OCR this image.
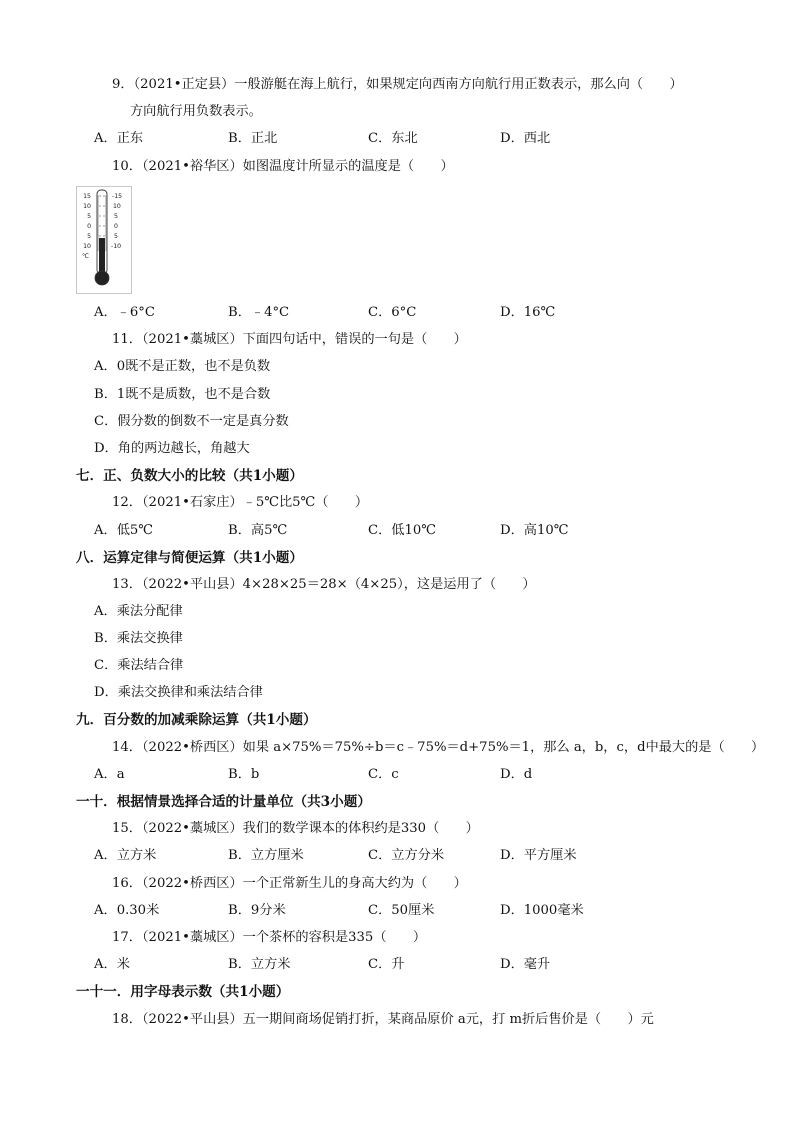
9．（2021•正定县）一般游艇在海上航行，如果规定向西南方向航行用正数表示，那么向（　　）
方向航行用负数表示。
A．正东	B．正北	C．东北	D．西北
10．（2021•裕华区）如图温度计所显示的温度是（　　）
15
10
5
0
5
10
℃
-15
10
5
0
5
-10
A．﹣6°C	B．﹣4°C	C．6°C	D．16℃
11．（2021•藁城区）下面四句话中，错误的一句是（　　）
A．0既不是正数，也不是负数
B．1既不是质数，也不是合数
C．假分数的倒数不一定是真分数
D．角的两边越长，角越大
七．正、负数大小的比较（共1小题）
12．（2021•石家庄）﹣5℃比5℃（　　）
A．低5℃	B．高5℃	C．低10℃	D．高10℃
八．运算定律与简便运算（共1小题）
13．（2022•平山县）4×28×25＝28×（4×25），这是运用了（　　）
A．乘法分配律
B．乘法交换律
C．乘法结合律
D．乘法交换律和乘法结合律
九．百分数的加减乘除运算（共1小题）
14．（2022•桥西区）如果 a×75%＝75%÷b＝c﹣75%＝d+75%＝1，那么 a，b，c，d中最大的是（　　）
A．a	B．b	C．c	D．d
一十．根据情景选择合适的计量单位（共3小题）
15．（2022•藁城区）我们的数学课本的体积约是330（　　）
A．立方米	B．立方厘米	C．立方分米	D．平方厘米
16．（2022•桥西区）一个正常新生儿的身高大约为（　　）
A．0.30米	B．9分米	C．50厘米	D．1000毫米
17．（2021•藁城区）一个茶杯的容积是335（　　）
A．米	B．立方米	C．升	D．毫升
一十一．用字母表示数（共1小题）
18．（2022•平山县）五一期间商场促销打折，某商品原价 a元，打 m折后售价是（　　）元
